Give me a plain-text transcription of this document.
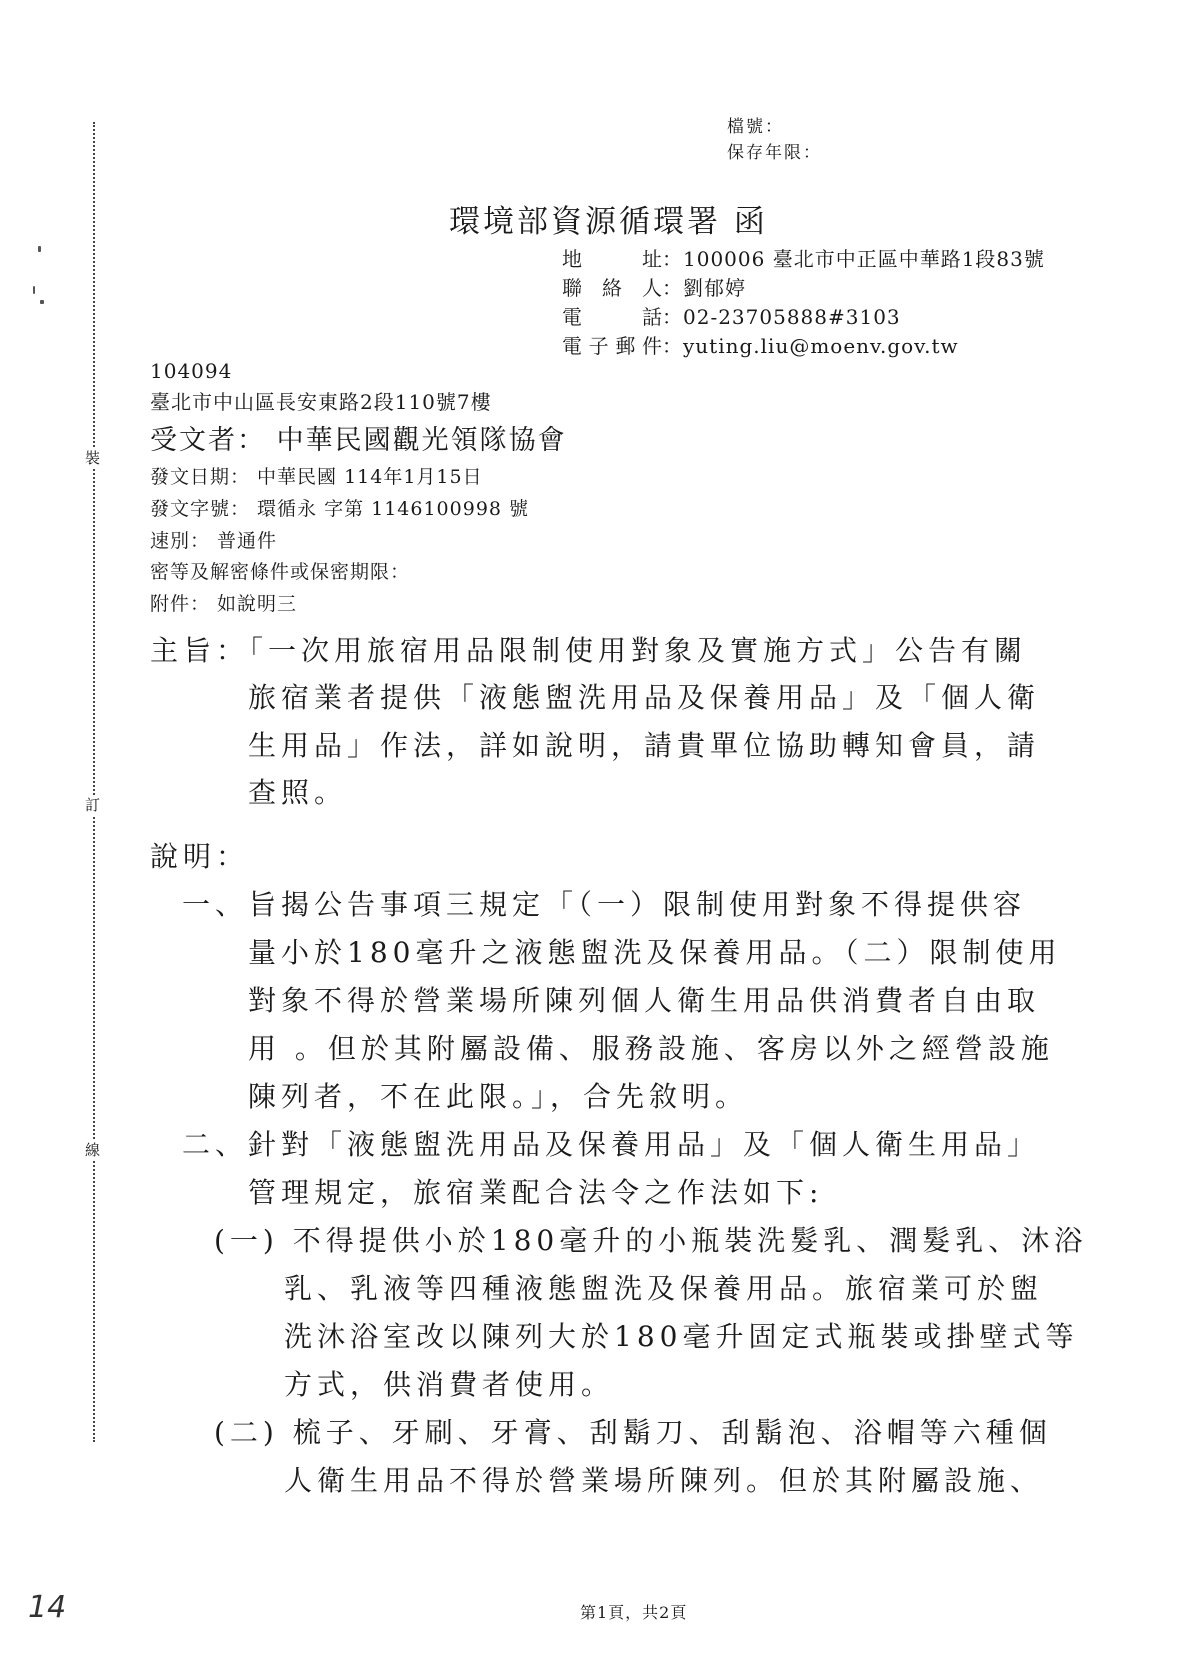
裝
訂
線
檔號：
保存年限：
環境部資源循環署 函
地　　址：100006 臺北市中正區中華路1段83號
聯 絡 人：劉郁婷
電　　話：02-23705888#3103
電子郵件：yuting.liu@moenv.gov.tw
104094
臺北市中山區長安東路2段110號7樓
受文者： 中華民國觀光領隊協會
發文日期： 中華民國 114年1月15日
發文字號： 環循永 字第 1146100998 號
速別： 普通件
密等及解密條件或保密期限：
附件： 如說明三
主旨：「一次用旅宿用品限制使用對象及實施方式」公告有關
旅宿業者提供「液態盥洗用品及保養用品」及「個人衛
生用品」作法，詳如說明，請貴單位協助轉知會員，請
查照。
說明：
一、旨揭公告事項三規定「（一）限制使用對象不得提供容
量小於180毫升之液態盥洗及保養用品。（二）限制使用
對象不得於營業場所陳列個人衛生用品供消費者自由取
用 。但於其附屬設備、服務設施、客房以外之經營設施
陳列者，不在此限。」，合先敘明。
二、針對「液態盥洗用品及保養用品」及「個人衛生用品」
管理規定，旅宿業配合法令之作法如下:
(一) 不得提供小於180毫升的小瓶裝洗髮乳、潤髮乳、沐浴
乳、乳液等四種液態盥洗及保養用品。旅宿業可於盥
洗沐浴室改以陳列大於180毫升固定式瓶裝或掛壁式等
方式，供消費者使用。
(二) 梳子、牙刷、牙膏、刮鬍刀、刮鬍泡、浴帽等六種個
人衛生用品不得於營業場所陳列。但於其附屬設施、
14	第1頁，共2頁
